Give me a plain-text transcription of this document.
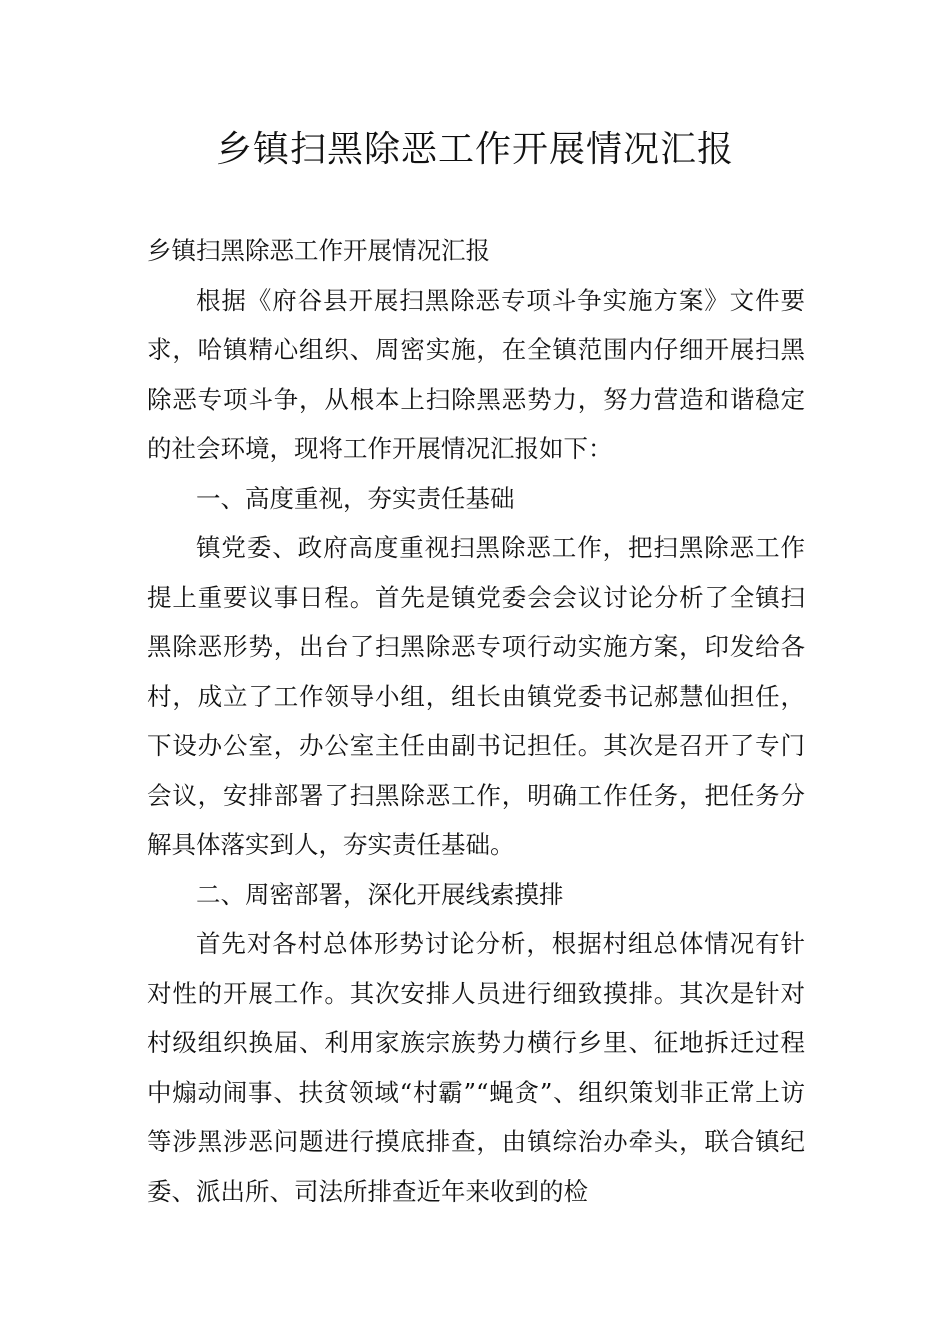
乡镇扫黑除恶工作开展情况汇报

乡镇扫黑除恶工作开展情况汇报

根据《府谷县开展扫黑除恶专项斗争实施方案》文件要求，哈镇精心组织、周密实施，在全镇范围内仔细开展扫黑除恶专项斗争，从根本上扫除黑恶势力，努力营造和谐稳定的社会环境，现将工作开展情况汇报如下：

一、高度重视，夯实责任基础

镇党委、政府高度重视扫黑除恶工作，把扫黑除恶工作提上重要议事日程。首先是镇党委会会议讨论分析了全镇扫黑除恶形势，出台了扫黑除恶专项行动实施方案，印发给各村，成立了工作领导小组，组长由镇党委书记郝慧仙担任，下设办公室，办公室主任由副书记担任。其次是召开了专门会议，安排部署了扫黑除恶工作，明确工作任务，把任务分解具体落实到人，夯实责任基础。

二、周密部署，深化开展线索摸排

首先对各村总体形势讨论分析，根据村组总体情况有针对性的开展工作。其次安排人员进行细致摸排。其次是针对村级组织换届、利用家族宗族势力横行乡里、征地拆迁过程中煽动闹事、扶贫领域“村霸”“蝇贪”、组织策划非正常上访等涉黑涉恶问题进行摸底排查，由镇综治办牵头，联合镇纪委、派出所、司法所排查近年来收到的检
